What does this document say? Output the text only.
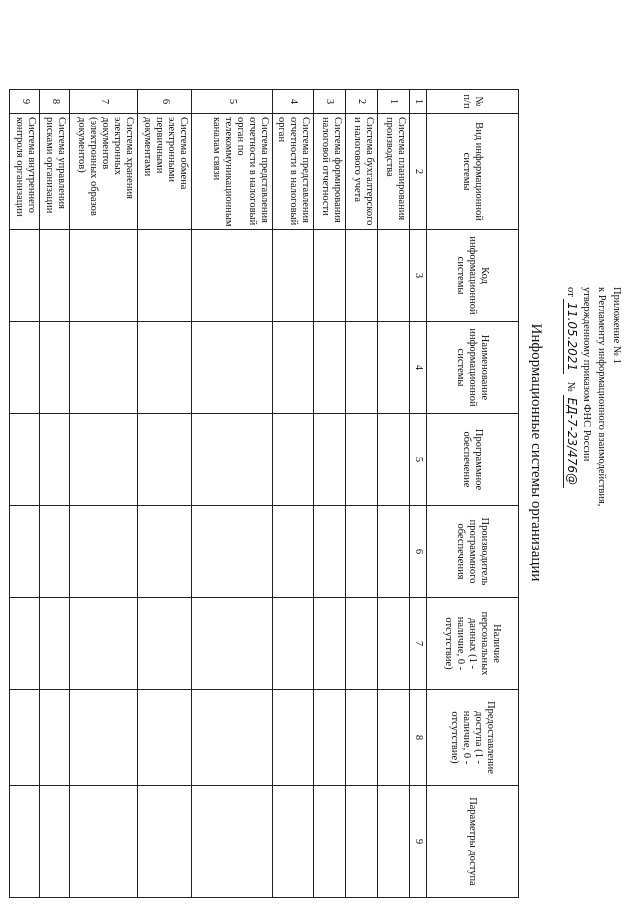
Приложение № 1
к Регламенту информационного взаимодействия,
утвержденному приказом ФНС России
от 11.05.2021   № ЕД-7-23/476@
Информационные системы организации
№ п/п	Вид информационной системы	Код информационной системы	Наименование информационной системы	Программное обеспечение	Производитель программного обеспечения	Наличие персональных данных (1 - наличие, 0 - отсутствие)	Предоставление доступа (1 - наличие, 0 - отсутствие)	Параметры доступа
1	2	3	4	5	6	7	8	9
1	Система планирования производства							
2	Система бухгалтерского и налогового учета							
3	Система формирования налоговой отчетности							
4	Система представления отчетности в налоговый орган							
5	Система представления отчетности в налоговый орган по телекоммуникационным каналам связи							
6	Система обмена электронными первичными документами							
7	Система хранения электронных документов (электронных образов документов)							
8	Система управления рисками организации							
9	Система внутреннего контроля организации							
